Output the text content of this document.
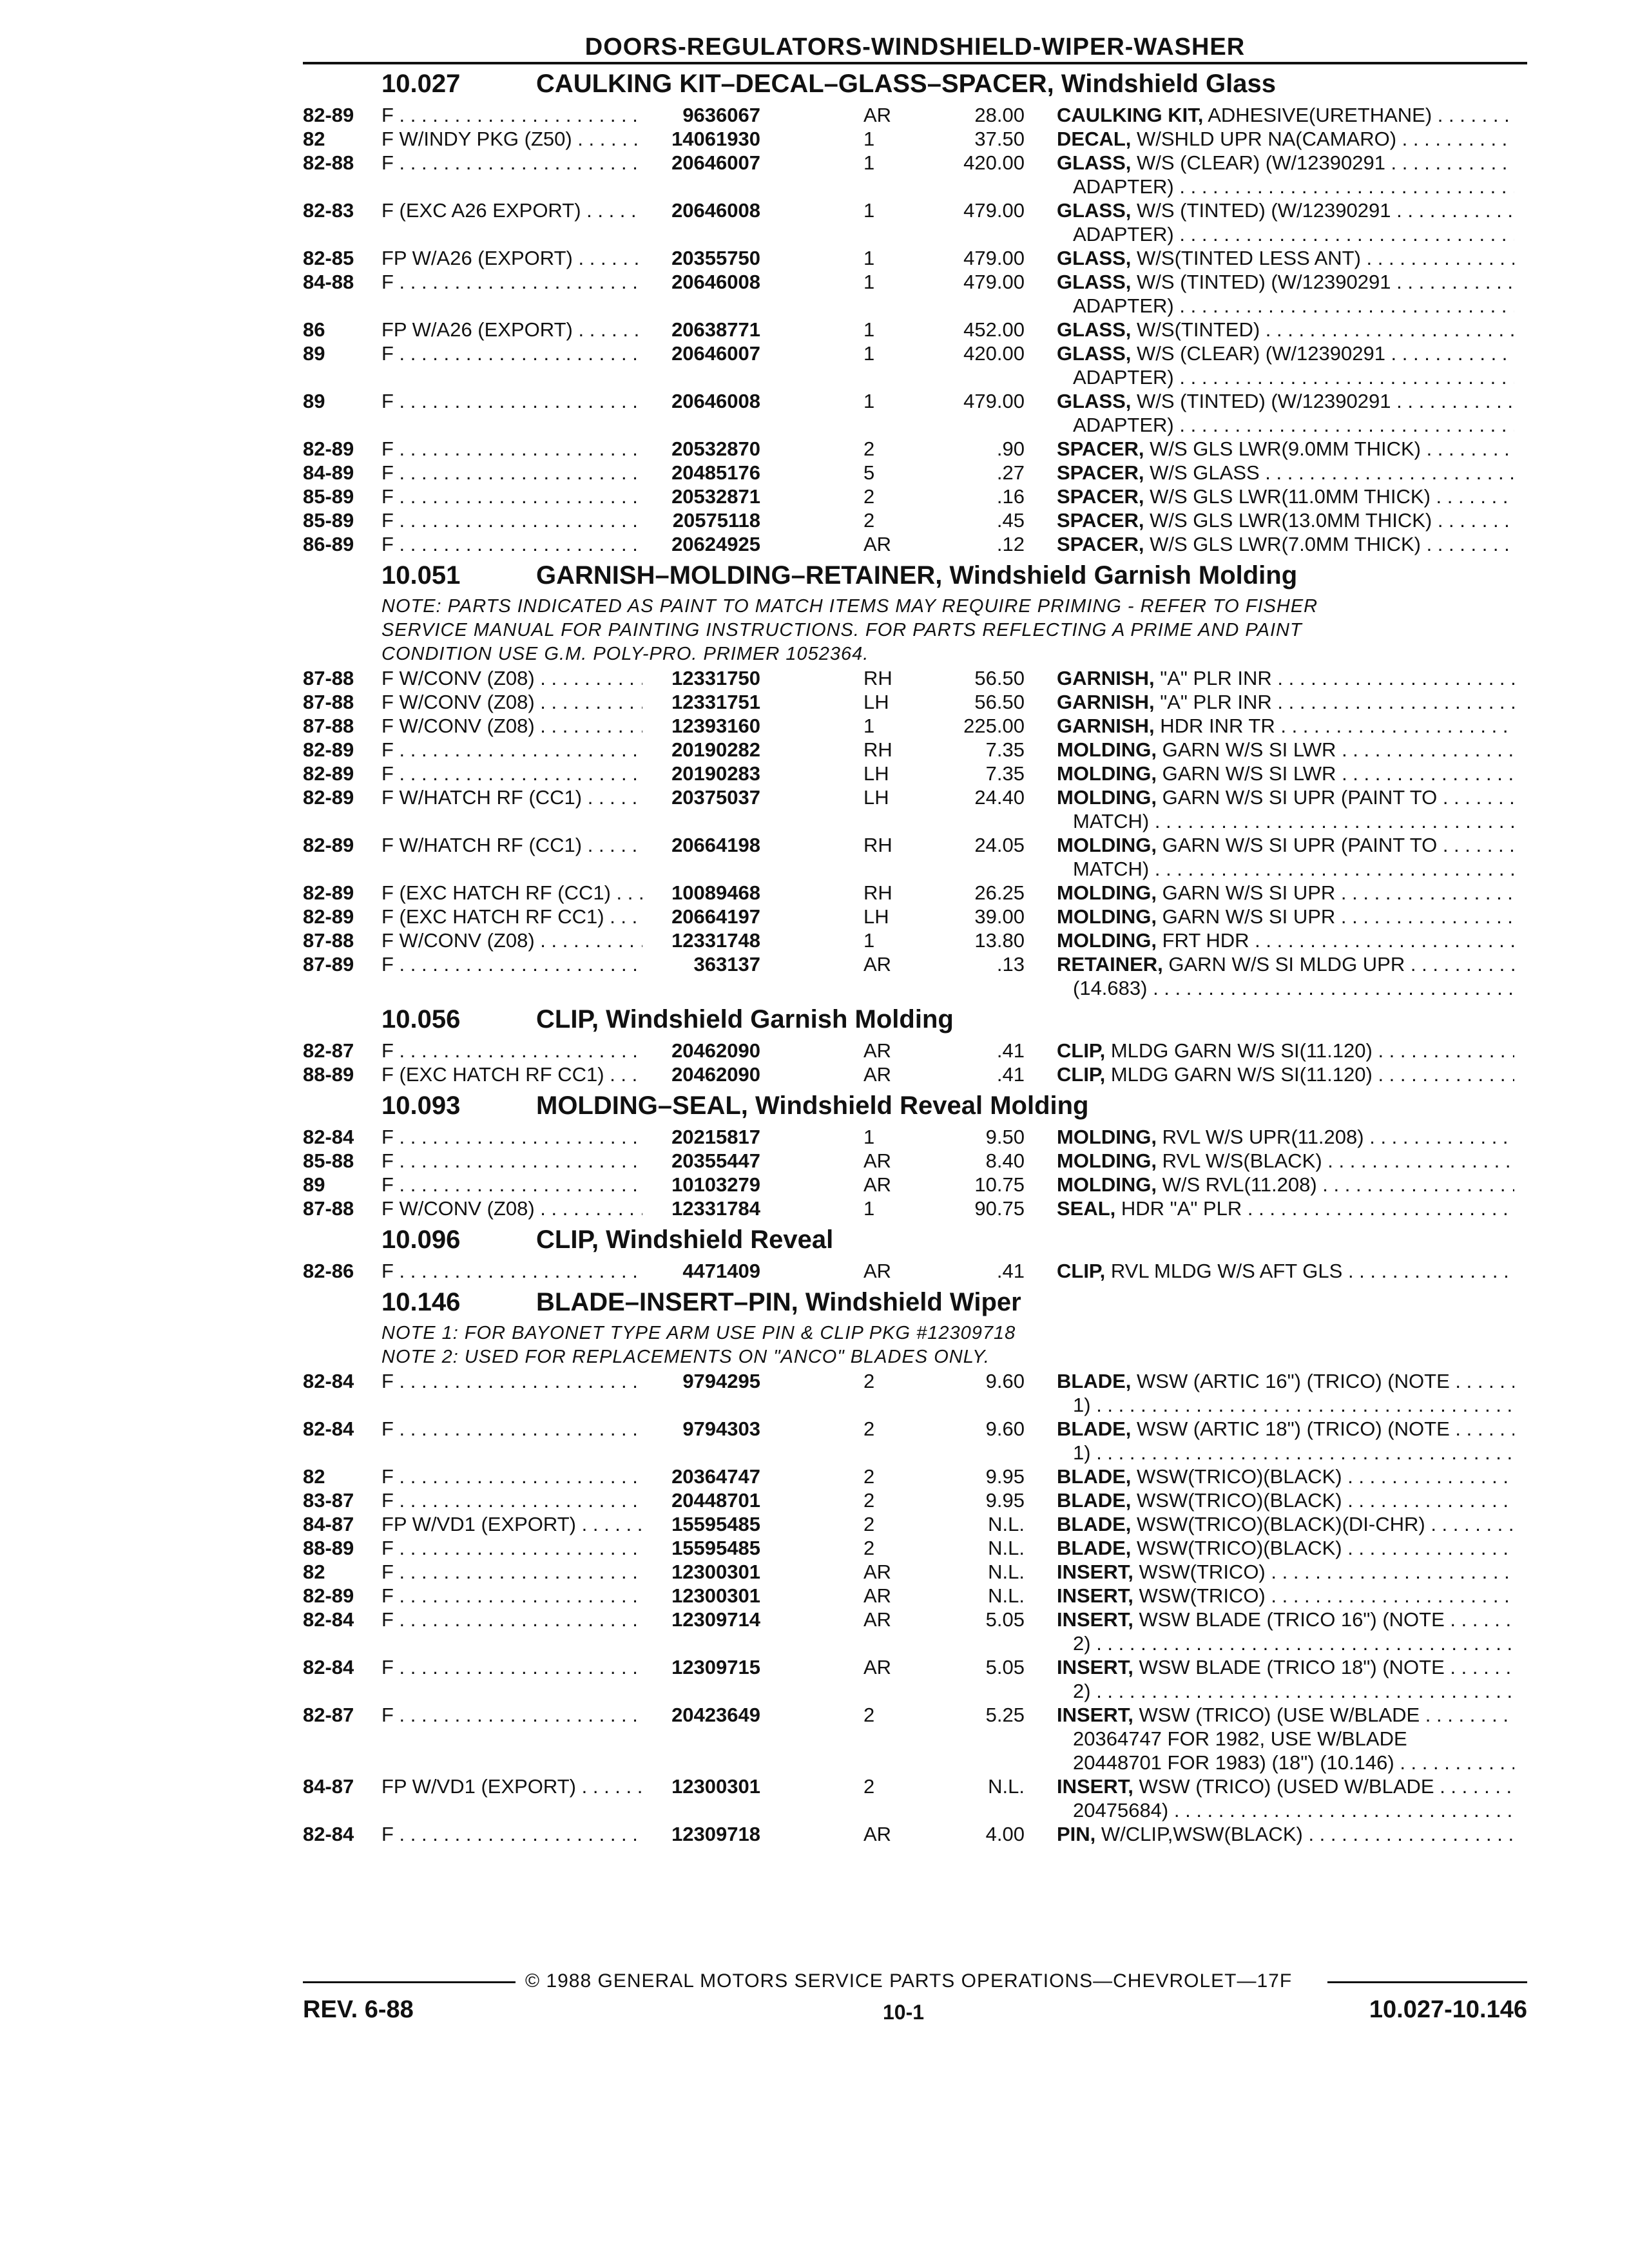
DOORS-REGULATORS-WINDSHIELD-WIPER-WASHER
10.027	CAULKING KIT–DECAL–GLASS–SPACER, Windshield Glass
82-89 F . . .	9636067	AR	28.00 CAULKING KIT, ADHESIVE(URETHANE) . . .
82	F W/INDY PKG (Z50) . . .	14061930	1	37.50 DECAL, W/SHLD UPR NA(CAMARO) . . .
82-88 F . . .	20646007	1	420.00 GLASS, W/S (CLEAR) (W/12390291 . . .
ADAPTER) . . .
82-83 F (EXC A26 EXPORT) . . .	20646008	1	479.00 GLASS, W/S (TINTED) (W/12390291 . . .
ADAPTER) . . .
82-85 FP W/A26 (EXPORT) . . .	20355750	1	479.00 GLASS, W/S(TINTED LESS ANT) . . .
84-88 F . . .	20646008	1	479.00 GLASS, W/S (TINTED) (W/12390291 . . .
ADAPTER) . . .
86	FP W/A26 (EXPORT) . . .	20638771	1	452.00 GLASS, W/S(TINTED) . . .
89	F . . .	20646007	1	420.00 GLASS, W/S (CLEAR) (W/12390291 . . .
ADAPTER) . . .
89	F . . .	20646008	1	479.00 GLASS, W/S (TINTED) (W/12390291 . . .
ADAPTER) . . .
82-89 F . . .	20532870	2	.90 SPACER, W/S GLS LWR(9.0MM THICK) . . .
84-89 F . . .	20485176	5	.27 SPACER, W/S GLASS . . .
85-89 F . . .	20532871	2	.16 SPACER, W/S GLS LWR(11.0MM THICK) . . .
85-89 F . . .	20575118	2	.45 SPACER, W/S GLS LWR(13.0MM THICK) . . .
86-89 F . . .	20624925	AR	.12 SPACER, W/S GLS LWR(7.0MM THICK) . . .
10.051	GARNISH–MOLDING–RETAINER, Windshield Garnish Molding
NOTE: PARTS INDICATED AS PAINT TO MATCH ITEMS MAY REQUIRE PRIMING - REFER TO FISHER
SERVICE MANUAL FOR PAINTING INSTRUCTIONS. FOR PARTS REFLECTING A PRIME AND PAINT
CONDITION USE G.M. POLY-PRO. PRIMER 1052364.
87-88 F W/CONV (Z08) . . .	12331750	RH	56.50 GARNISH, "A" PLR INR . . .
87-88 F W/CONV (Z08) . . .	12331751	LH	56.50 GARNISH, "A" PLR INR . . .
87-88 F W/CONV (Z08) . . .	12393160	1	225.00 GARNISH, HDR INR TR . . .
82-89 F . . .	20190282	RH	7.35 MOLDING, GARN W/S SI LWR . . .
82-89 F . . .	20190283	LH	7.35 MOLDING, GARN W/S SI LWR . . .
82-89 F W/HATCH RF (CC1) . . .	20375037	LH	24.40 MOLDING, GARN W/S SI UPR (PAINT TO . . .
MATCH) . . .
82-89 F W/HATCH RF (CC1) . . .	20664198	RH	24.05 MOLDING, GARN W/S SI UPR (PAINT TO . . .
MATCH) . . .
82-89 F (EXC HATCH RF (CC1) . . .	10089468	RH	26.25 MOLDING, GARN W/S SI UPR . . .
82-89 F (EXC HATCH RF CC1) . . .	20664197	LH	39.00 MOLDING, GARN W/S SI UPR . . .
87-88 F W/CONV (Z08) . . .	12331748	1	13.80 MOLDING, FRT HDR . . .
87-89 F . . .	363137	AR	.13 RETAINER, GARN W/S SI MLDG UPR . . .
(14.683) . . .
10.056	CLIP, Windshield Garnish Molding
82-87 F . . .	20462090	AR	.41 CLIP, MLDG GARN W/S SI(11.120) . . .
88-89 F (EXC HATCH RF CC1) . . .	20462090	AR	.41 CLIP, MLDG GARN W/S SI(11.120) . . .
10.093	MOLDING–SEAL, Windshield Reveal Molding
82-84 F . . .	20215817	1	9.50 MOLDING, RVL W/S UPR(11.208) . . .
85-88 F . . .	20355447	AR	8.40 MOLDING, RVL W/S(BLACK) . . .
89	F . . .	10103279	AR	10.75 MOLDING, W/S RVL(11.208) . . .
87-88 F W/CONV (Z08) . . .	12331784	1	90.75 SEAL, HDR "A" PLR . . .
10.096	CLIP, Windshield Reveal
82-86 F . . .	4471409	AR	.41 CLIP, RVL MLDG W/S AFT GLS . . .
10.146	BLADE–INSERT–PIN, Windshield Wiper
NOTE 1: FOR BAYONET TYPE ARM USE PIN & CLIP PKG #12309718
NOTE 2: USED FOR REPLACEMENTS ON "ANCO" BLADES ONLY.
82-84 F . . .	9794295	2	9.60 BLADE, WSW (ARTIC 16") (TRICO) (NOTE . . .
1) . . .
82-84 F . . .	9794303	2	9.60 BLADE, WSW (ARTIC 18") (TRICO) (NOTE . . .
1) . . .
82	F . . .	20364747	2	9.95 BLADE, WSW(TRICO)(BLACK) . . .
83-87 F . . .	20448701	2	9.95 BLADE, WSW(TRICO)(BLACK) . . .
84-87 FP W/VD1 (EXPORT) . . .	15595485	2	N.L. BLADE, WSW(TRICO)(BLACK)(DI-CHR) . . .
88-89 F . . .	15595485	2	N.L. BLADE, WSW(TRICO)(BLACK) . . .
82	F . . .	12300301	AR	N.L. INSERT, WSW(TRICO) . . .
82-89 F . . .	12300301	AR	N.L. INSERT, WSW(TRICO) . . .
82-84 F . . .	12309714	AR	5.05 INSERT, WSW BLADE (TRICO 16") (NOTE . . .
2) . . .
82-84 F . . .	12309715	AR	5.05 INSERT, WSW BLADE (TRICO 18") (NOTE . . .
2) . . .
82-87 F . . .	20423649	2	5.25 INSERT, WSW (TRICO) (USE W/BLADE . . .
20364747 FOR 1982, USE W/BLADE
20448701 FOR 1983) (18") (10.146) . . .
84-87 FP W/VD1 (EXPORT) . . .	12300301	2	N.L. INSERT, WSW (TRICO) (USED W/BLADE . . .
20475684) . . .
82-84 F . . .	12309718	AR	4.00 PIN, W/CLIP,WSW(BLACK) . . .
© 1988 GENERAL MOTORS SERVICE PARTS OPERATIONS—CHEVROLET—17F
REV. 6-88	10-1	10.027-10.146
